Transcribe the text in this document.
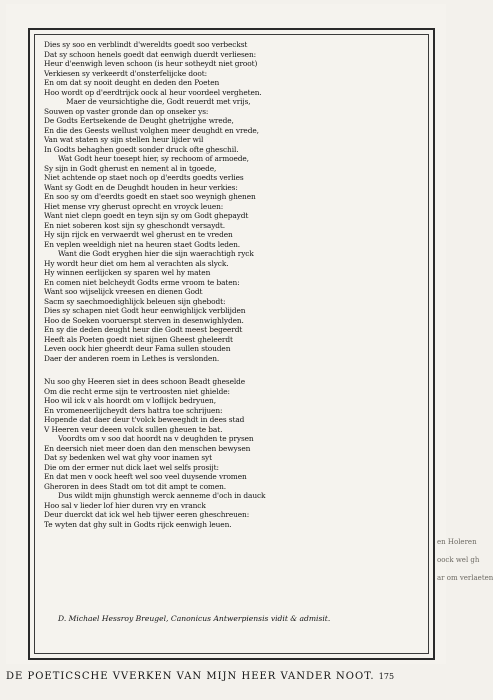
Dies sy soo en verblindt d'wereldts goedt soo verbeckst
Dat sy schoon henels goedt dat eenwigh duerdt verliesen:
Heur d'eenwigh leven schoon (is heur sotheydt niet groot)
Verkiesen sy verkeerdt d'onsterfelijcke doot:
En om dat sy nooit deught en deden den Poeten
Hoo wordt op d'eerdtrijck oock al heur voordeel vergheten.
Maer de veursichtighe die, Godt reuerdt met vrijs,
Souwen op vaster gronde dan op onseker ys:
De Godts Eertsekende de Deught ghetrijghe wrede,
En die des Geests wellust volghen meer deughdt en vrede,
Van wat staten sy sijn stellen heur lijder wil
In Godts behaghen goedt sonder druck ofte gheschil.
Wat Godt heur toesept hier, sy rechoom of armoede,
Sy sijn in Godt gherust en nement al in tgoede,
Niet achtende op staet noch op d'eerdts goedts verlies
Want sy Godt en de Deughdt houden in heur verkies:
En soo sy om d'eerdts goedt en staet soo weynigh ghenen
Hiet mense vry gherust oprecht en vroyck leuen:
Want niet clepn goedt en teyn sijn sy om Godt ghepaydt
En niet soberen kost sijn sy gheschondt versaydt.
Hy sijn rijck en verwaerdt wel gherust en te vreden
En veplen weeldigh niet na heuren staet Godts leden.
Want die Godt eryghen hier die sijn waerachtigh ryck
Hy wordt heur diet om hem al verachten als slyck.
Hy winnen eerlijcken sy sparen wel hy maten
En comen niet belcheydt Godts erme vroom te baten:
Want soo wijselijck vreesen en dienen Godt
Sacm sy saechmoedighlijck beleuen sijn ghebodt:
Dies sy schapen niet Godt heur eenwighlijck verblijden
Hoo de Soeken vooruerspt sterven in desenwighlyden.
En sy die deden deught heur die Godt meest begeerdt
Heeft als Poeten goedt niet sijnen Gheest gheleerdt
Leven oock hier gheerdt deur Fama sullen stouden
Daer der anderen roem in Lethes is verslonden.
Nu soo ghy Heeren siet in dees schoon Beadt gheselde
Om die recht erme sijn te vertroosten niet ghielde:
Hoo wil ick v als hoordt om v loflijck bedryuen,
En vromeneerlijcheydt ders hattra toe schrijuen:
Hopende dat daer deur t'volck beweeghdt in dees stad
V Heeren veur deeen volck sullen gheuen te bat.
Voordts om v soo dat hoordt na v deughden te prysen
En deersich niet meer doen dan den menschen bewysen
Dat sy bedenken wel wat ghy voor inamen syt
Die om der ermer nut dick laet wel selfs prosijt:
En dat men v oock heeft wel soo veel duysende vromen
Gheroren in dees Stadt om tot dit ampt te comen.
Dus wildt mijn ghunstigh werck aenneme d'och in dauck
Hoo sal v lieder lof hier duren vry en vranck
Deur duerckt dat ick wel heb tijwer eeren gheschreuen:
Te wyten dat ghy sult in Godts rijck eenwigh leuen.
D. Michael Hessroy Breugel, Canonicus Antwerpiensis vidit & admisit.
en Holeren
oock wel gh
ar om verlaeten
DE POETICSCHE VVERKEN VAN MIJN HEER VANDER NOOT. 175
